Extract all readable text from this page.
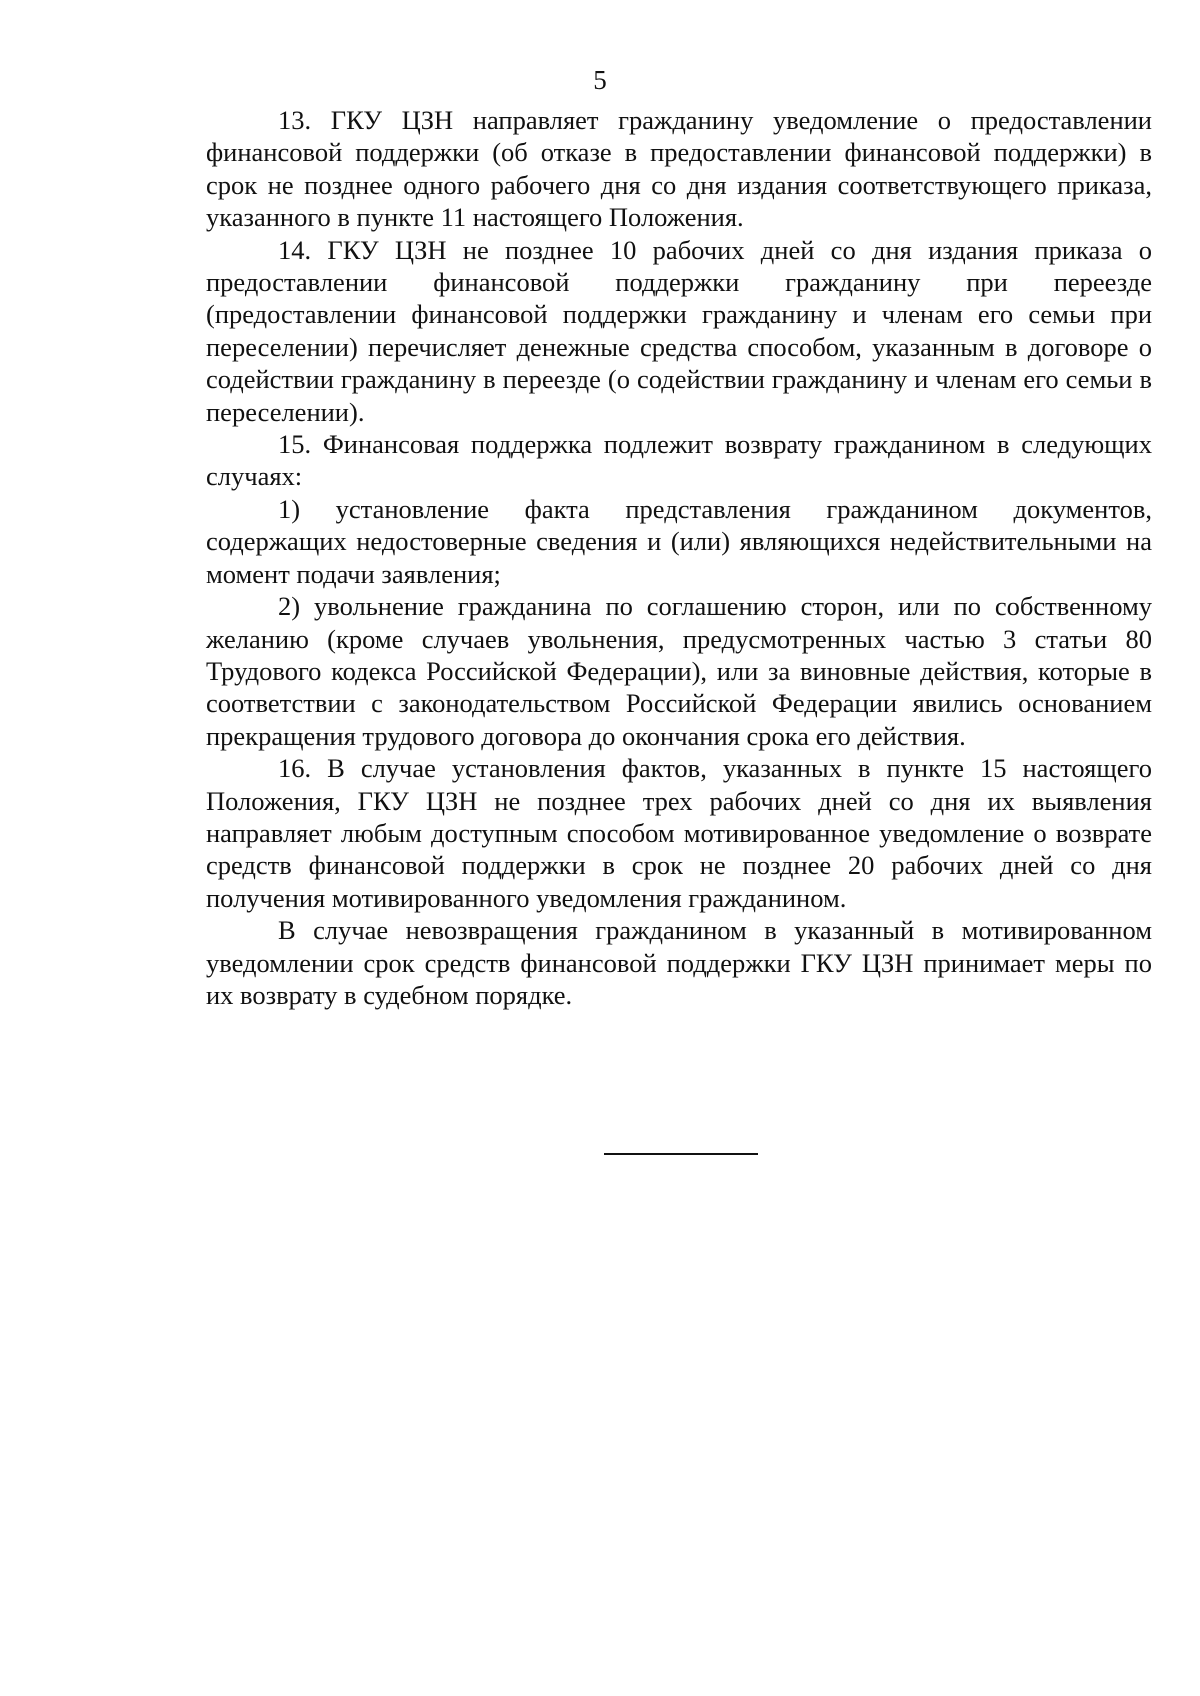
5

13. ГКУ ЦЗН направляет гражданину уведомление о предоставлении финансовой поддержки (об отказе в предоставлении финансовой поддержки) в срок не позднее одного рабочего дня со дня издания соответствующего приказа, указанного в пункте 11 настоящего Положения.

14. ГКУ ЦЗН не позднее 10 рабочих дней со дня издания приказа о предоставлении финансовой поддержки гражданину при переезде (предоставлении финансовой поддержки гражданину и членам его семьи при переселении) перечисляет денежные средства способом, указанным в договоре о содействии гражданину в переезде (о содействии гражданину и членам его семьи в переселении).

15. Финансовая поддержка подлежит возврату гражданином в следующих случаях:

1) установление факта представления гражданином документов, содержащих недостоверные сведения и (или) являющихся недействительными на момент подачи заявления;

2) увольнение гражданина по соглашению сторон, или по собственному желанию (кроме случаев увольнения, предусмотренных частью 3 статьи 80 Трудового кодекса Российской Федерации), или за виновные действия, которые в соответствии с законодательством Российской Федерации явились основанием прекращения трудового договора до окончания срока его действия.

16. В случае установления фактов, указанных в пункте 15 настоящего Положения, ГКУ ЦЗН не позднее трех рабочих дней со дня их выявления направляет любым доступным способом мотивированное уведомление о возврате средств финансовой поддержки в срок не позднее 20 рабочих дней со дня получения мотивированного уведомления гражданином.

В случае невозвращения гражданином в указанный в мотивированном уведомлении срок средств финансовой поддержки ГКУ ЦЗН принимает меры по их возврату в судебном порядке.
